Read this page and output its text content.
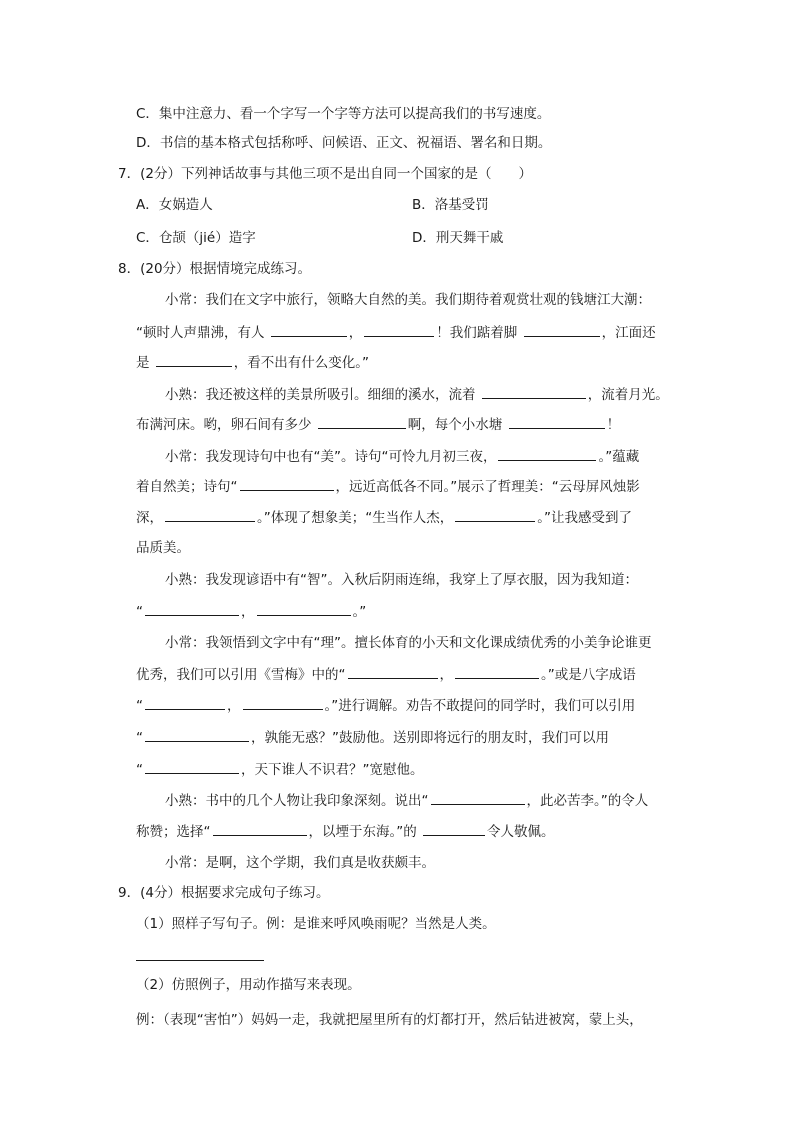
C．集中注意力、看一个字写一个字等方法可以提高我们的书写速度。
D．书信的基本格式包括称呼、问候语、正文、祝福语、署名和日期。
7．(2分）下列神话故事与其他三项不是出自同一个国家的是（　　）
A．女娲造人	B．洛基受罚
C．仓颉（jié）造字	D．刑天舞干戚
8．(20分）根据情境完成练习。
小常：我们在文字中旅行，领略大自然的美。我们期待着观赏壮观的钱塘江大潮：
“顿时人声鼎沸，有人	，	！我们踮着脚	，江面还
是	，看不出有什么变化。”
小熟：我还被这样的美景所吸引。细细的溪水，流着	，流着月光。
布满河床。哟，卵石间有多少	啊，每个小水塘	！
小常：我发现诗句中也有“美”。诗句“可怜九月初三夜，	。”蕴藏
着自然美；诗句“	，远近高低各不同。”展示了哲理美：“云母屏风烛影
深，	。”体现了想象美；“生当作人杰，	。”让我感受到了
品质美。
小熟：我发现谚语中有“智”。入秋后阴雨连绵，我穿上了厚衣服，因为我知道：
“	，	。”
小常：我领悟到文字中有“理”。擅长体育的小天和文化课成绩优秀的小美争论谁更
优秀，我们可以引用《雪梅》中的“	，	。”或是八字成语
“	，	。”进行调解。劝告不敢提问的同学时，我们可以引用
“	，孰能无惑？”鼓励他。送别即将远行的朋友时，我们可以用
“	，天下谁人不识君？”宽慰他。
小熟：书中的几个人物让我印象深刻。说出“	，此必苦李。”的令人
称赞；选择“	，以堙于东海。”的	令人敬佩。
小常：是啊，这个学期，我们真是收获颇丰。
9．(4分）根据要求完成句子练习。
（1）照样子写句子。例：是谁来呼风唤雨呢？当然是人类。
（2）仿照例子，用动作描写来表现。
例：（表现“害怕”）妈妈一走，我就把屋里所有的灯都打开，然后钻进被窝，蒙上头，
